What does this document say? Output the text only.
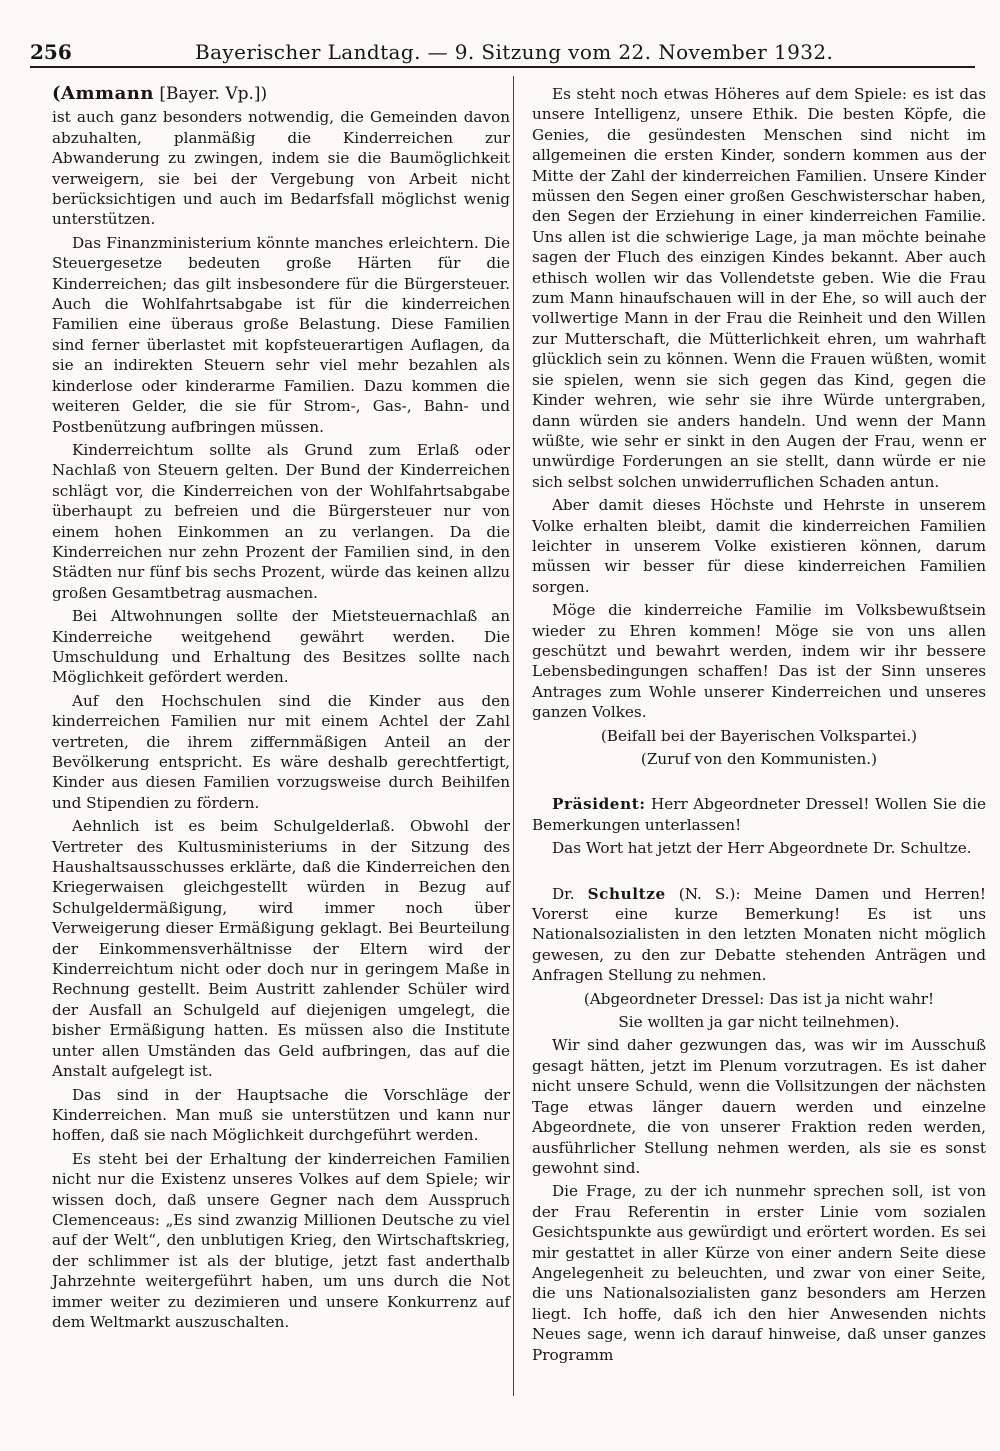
256	Bayerischer Landtag. — 9. Sitzung vom 22. November 1932.
(Ammann [Bayer. Vp.])

ist auch ganz besonders notwendig, die Gemeinden davon abzuhalten, planmäßig die Kinderreichen zur Abwanderung zu zwingen, indem sie die Baumöglichkeit verweigern, sie bei der Vergebung von Arbeit nicht berücksichtigen und auch im Bedarfsfall möglichst wenig unterstützen.

Das Finanzministerium könnte manches erleichtern. Die Steuergesetze bedeuten große Härten für die Kinderreichen; das gilt insbesondere für die Bürgersteuer. Auch die Wohlfahrtsabgabe ist für die kinderreichen Familien eine überaus große Belastung. Diese Familien sind ferner überlastet mit kopfsteuerartigen Auflagen, da sie an indirekten Steuern sehr viel mehr bezahlen als kinderlose oder kinderarme Familien. Dazu kommen die weiteren Gelder, die sie für Strom-, Gas-, Bahn- und Postbenützung aufbringen müssen.

Kinderreichtum sollte als Grund zum Erlaß oder Nachlaß von Steuern gelten. Der Bund der Kinderreichen schlägt vor, die Kinderreichen von der Wohlfahrtsabgabe überhaupt zu befreien und die Bürgersteuer nur von einem hohen Einkommen an zu verlangen. Da die Kinderreichen nur zehn Prozent der Familien sind, in den Städten nur fünf bis sechs Prozent, würde das keinen allzu großen Gesamtbetrag ausmachen.

Bei Altwohnungen sollte der Mietsteuernachlaß an Kinderreiche weitgehend gewährt werden. Die Umschuldung und Erhaltung des Besitzes sollte nach Möglichkeit gefördert werden.

Auf den Hochschulen sind die Kinder aus den kinderreichen Familien nur mit einem Achtel der Zahl vertreten, die ihrem ziffernmäßigen Anteil an der Bevölkerung entspricht. Es wäre deshalb gerechtfertigt, Kinder aus diesen Familien vorzugsweise durch Beihilfen und Stipendien zu fördern.

Aehnlich ist es beim Schulgelderlaß. Obwohl der Vertreter des Kultusministeriums in der Sitzung des Haushaltsausschusses erklärte, daß die Kinderreichen den Kriegerwaisen gleichgestellt würden in Bezug auf Schulgeldermäßigung, wird immer noch über Verweigerung dieser Ermäßigung geklagt. Bei Beurteilung der Einkommensverhältnisse der Eltern wird der Kinderreichtum nicht oder doch nur in geringem Maße in Rechnung gestellt. Beim Austritt zahlender Schüler wird der Ausfall an Schulgeld auf diejenigen umgelegt, die bisher Ermäßigung hatten. Es müssen also die Institute unter allen Umständen das Geld aufbringen, das auf die Anstalt aufgelegt ist.

Das sind in der Hauptsache die Vorschläge der Kinderreichen. Man muß sie unterstützen und kann nur hoffen, daß sie nach Möglichkeit durchgeführt werden.

Es steht bei der Erhaltung der kinderreichen Familien nicht nur die Existenz unseres Volkes auf dem Spiele; wir wissen doch, daß unsere Gegner nach dem Ausspruch Clemenceaus: „Es sind zwanzig Millionen Deutsche zu viel auf der Welt“, den unblutigen Krieg, den Wirtschaftskrieg, der schlimmer ist als der blutige, jetzt fast anderthalb Jahrzehnte weitergeführt haben, um uns durch die Not immer weiter zu dezimieren und unsere Konkurrenz auf dem Weltmarkt auszuschalten.

Es steht noch etwas Höheres auf dem Spiele: es ist das unsere Intelligenz, unsere Ethik. Die besten Köpfe, die Genies, die gesündesten Menschen sind nicht im allgemeinen die ersten Kinder, sondern kommen aus der Mitte der Zahl der kinderreichen Familien. Unsere Kinder müssen den Segen einer großen Geschwisterschar haben, den Segen der Erziehung in einer kinderreichen Familie. Uns allen ist die schwierige Lage, ja man möchte beinahe sagen der Fluch des einzigen Kindes bekannt. Aber auch ethisch wollen wir das Vollendetste geben. Wie die Frau zum Mann hinaufschauen will in der Ehe, so will auch der vollwertige Mann in der Frau die Reinheit und den Willen zur Mutterschaft, die Mütterlichkeit ehren, um wahrhaft glücklich sein zu können. Wenn die Frauen wüßten, womit sie spielen, wenn sie sich gegen das Kind, gegen die Kinder wehren, wie sehr sie ihre Würde untergraben, dann würden sie anders handeln. Und wenn der Mann wüßte, wie sehr er sinkt in den Augen der Frau, wenn er unwürdige Forderungen an sie stellt, dann würde er nie sich selbst solchen unwiderruflichen Schaden antun.

Aber damit dieses Höchste und Hehrste in unserem Volke erhalten bleibt, damit die kinderreichen Familien leichter in unserem Volke existieren können, darum müssen wir besser für diese kinderreichen Familien sorgen.

Möge die kinderreiche Familie im Volksbewußtsein wieder zu Ehren kommen! Möge sie von uns allen geschützt und bewahrt werden, indem wir ihr bessere Lebensbedingungen schaffen! Das ist der Sinn unseres Antrages zum Wohle unserer Kinderreichen und unseres ganzen Volkes.

(Beifall bei der Bayerischen Volkspartei.)
(Zuruf von den Kommunisten.)

Präsident: Herr Abgeordneter Dressel! Wollen Sie die Bemerkungen unterlassen!

Das Wort hat jetzt der Herr Abgeordnete Dr. Schultze.

Dr. Schultze (N. S.): Meine Damen und Herren! Vorerst eine kurze Bemerkung! Es ist uns Nationalsozialisten in den letzten Monaten nicht möglich gewesen, zu den zur Debatte stehenden Anträgen und Anfragen Stellung zu nehmen.

(Abgeordneter Dressel: Das ist ja nicht wahr!
Sie wollten ja gar nicht teilnehmen).

Wir sind daher gezwungen das, was wir im Ausschuß gesagt hätten, jetzt im Plenum vorzutragen. Es ist daher nicht unsere Schuld, wenn die Vollsitzungen der nächsten Tage etwas länger dauern werden und einzelne Abgeordnete, die von unserer Fraktion reden werden, ausführlicher Stellung nehmen werden, als sie es sonst gewohnt sind.

Die Frage, zu der ich nunmehr sprechen soll, ist von der Frau Referentin in erster Linie vom sozialen Gesichtspunkte aus gewürdigt und erörtert worden. Es sei mir gestattet in aller Kürze von einer andern Seite diese Angelegenheit zu beleuchten, und zwar von einer Seite, die uns Nationalsozialisten ganz besonders am Herzen liegt. Ich hoffe, daß ich den hier Anwesenden nichts Neues sage, wenn ich darauf hinweise, daß unser ganzes Programm
